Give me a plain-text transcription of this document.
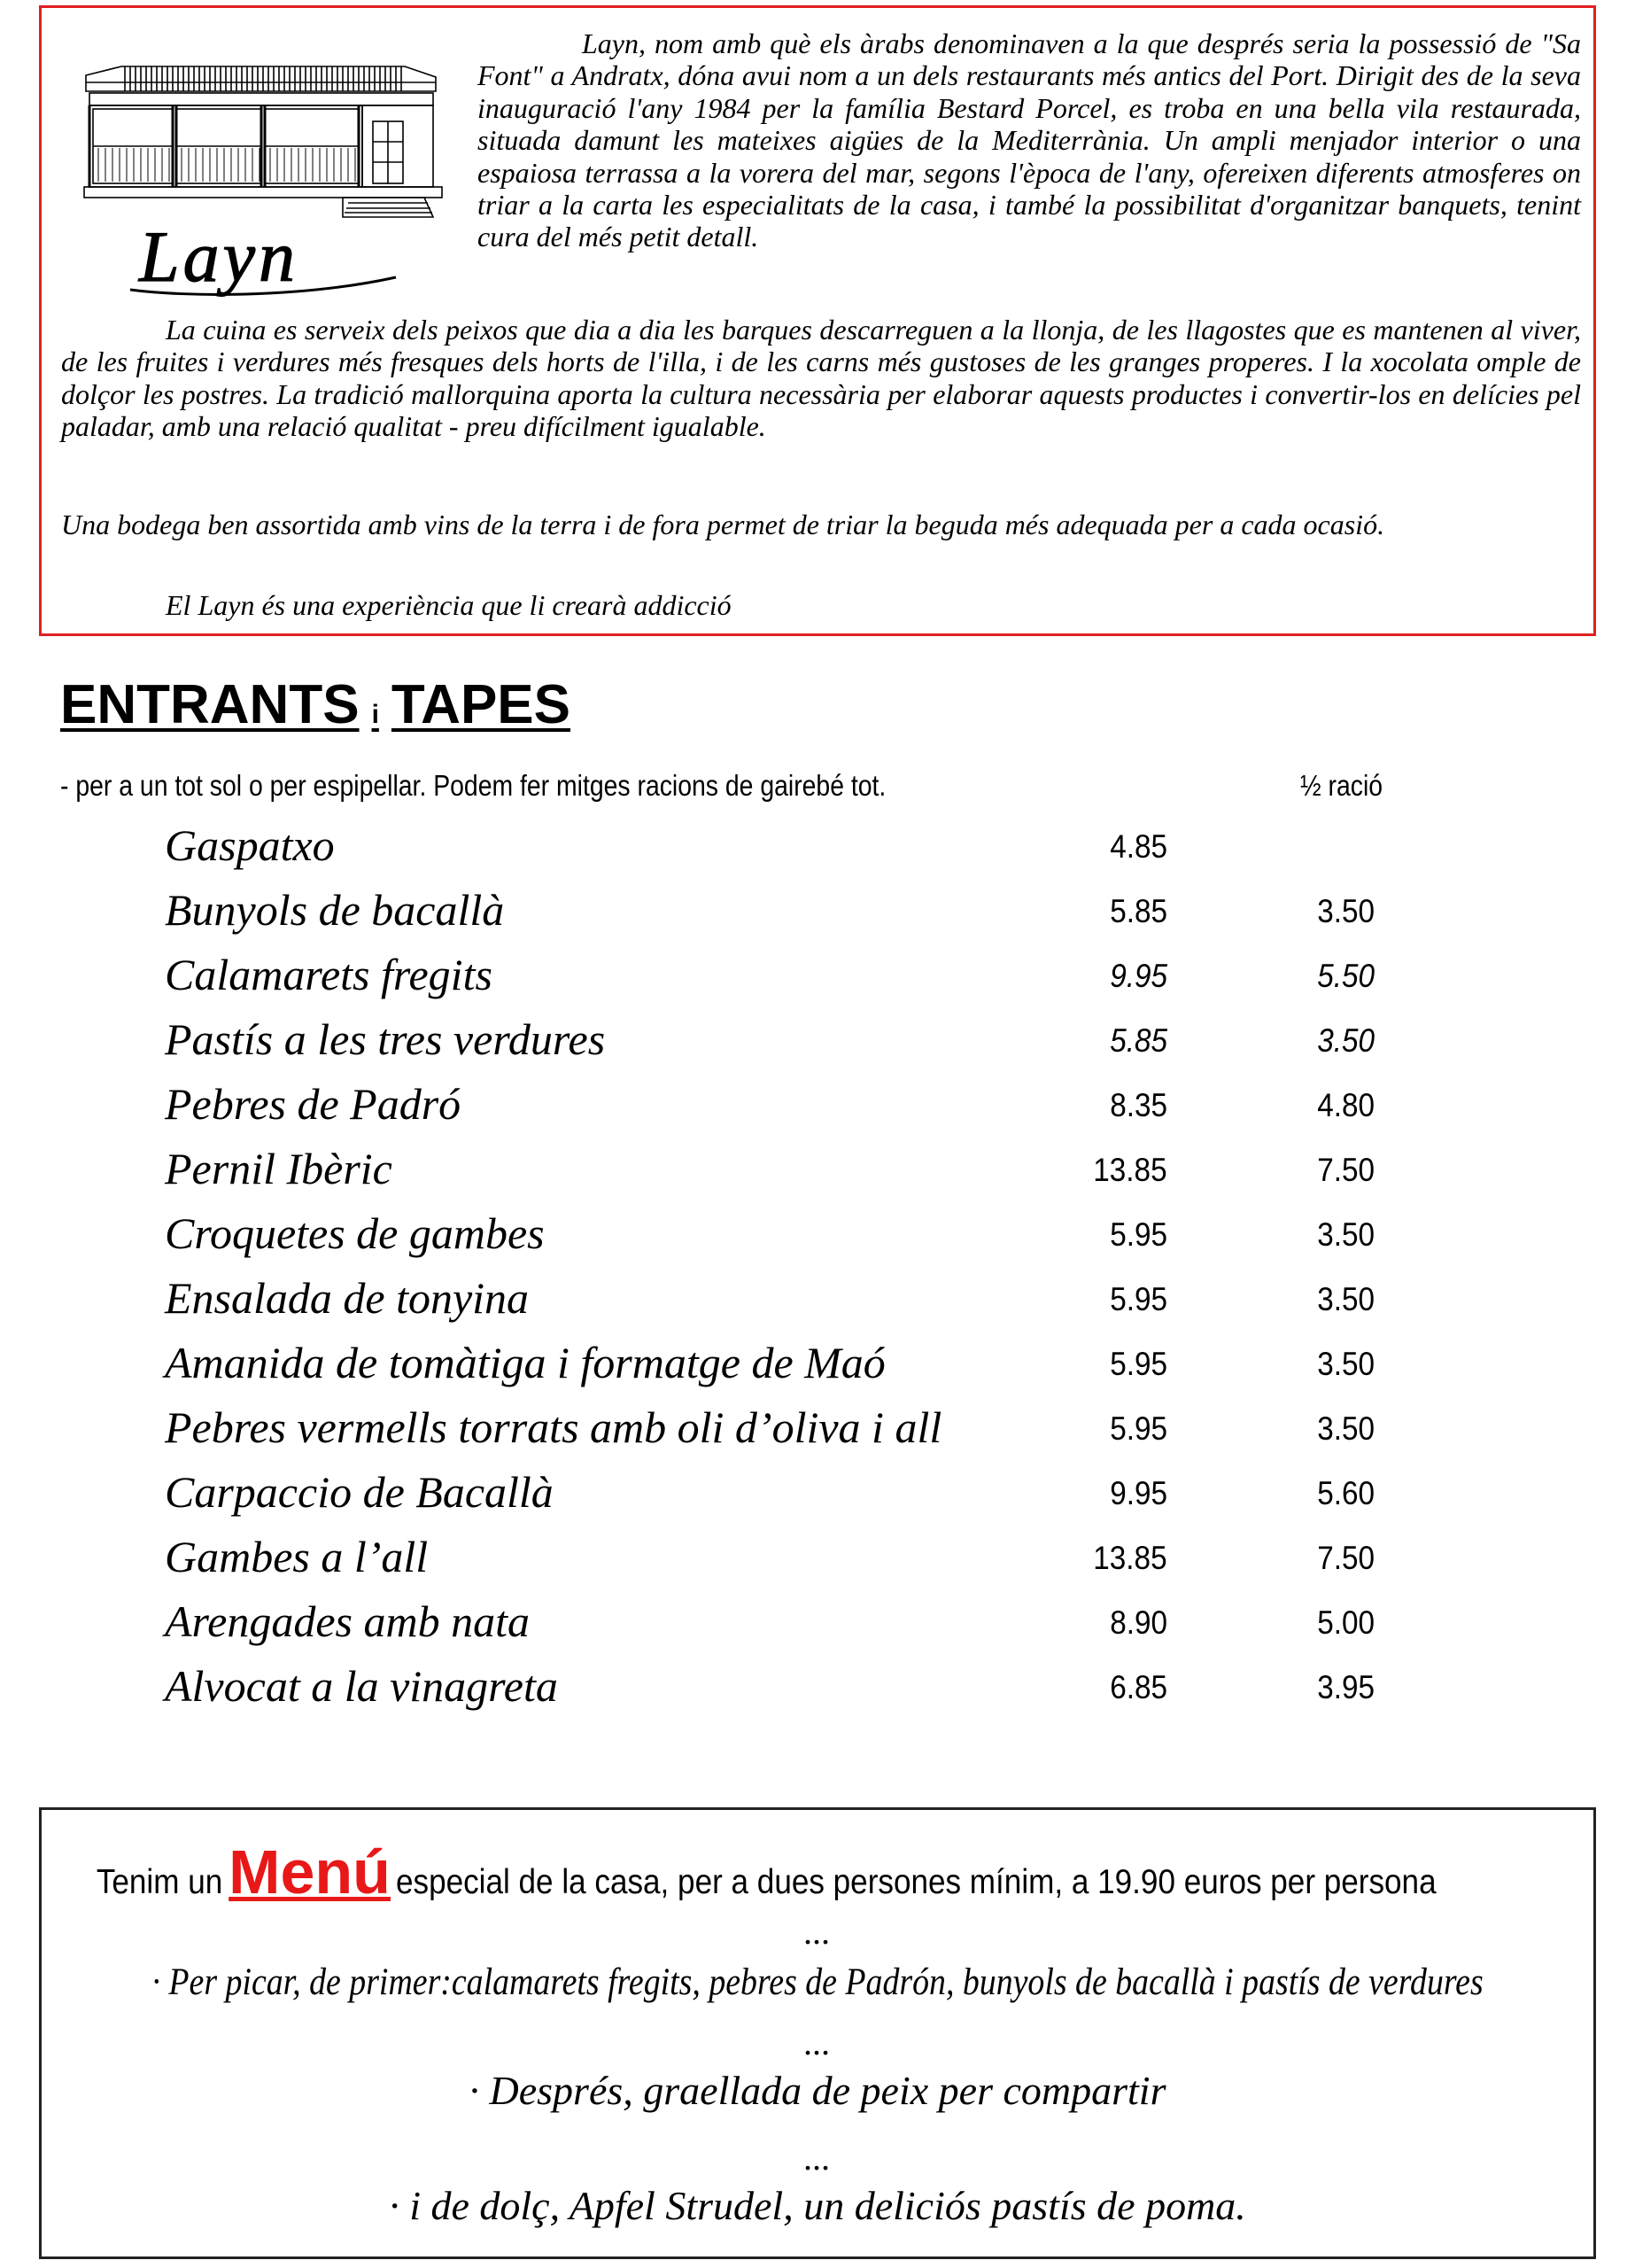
Layn

Layn, nom amb què els àrabs denominaven a la que després seria la possessió de "Sa Font" a Andratx, dóna avui nom a un dels restaurants més antics del Port. Dirigit des de la seva inauguració l'any 1984 per la família Bestard Porcel, es troba en una bella vila restaurada, situada damunt les mateixes aigües de la Mediterrània. Un ampli menjador interior o una espaiosa terrassa a la vorera del mar, segons l'època de l'any, ofereixen diferents atmosferes on triar a la carta les especialitats de la casa, i també la possibilitat d'organitzar banquets, tenint cura del més petit detall.

La cuina es serveix dels peixos que dia a dia les barques descarreguen a la llonja, de les llagostes que es mantenen al viver, de les fruites i verdures més fresques dels horts de l'illa, i de les carns més gustoses de les granges properes. I la xocolata omple de dolçor les postres. La tradició mallorquina aporta la cultura necessària per elaborar aquests productes i convertir-los en delícies pel paladar, amb una relació qualitat - preu difícilment igualable.

Una bodega ben assortida amb vins de la terra i de fora permet de triar la beguda més adequada per a cada ocasió.

El Layn és una experiència que li crearà addicció

ENTRANTS i TAPES
- per a un tot sol o per espipellar. Podem fer mitges racions de gairebé tot.	½ ració
Gaspatxo	4.85
Bunyols de bacallà	5.85	3.50
Calamarets fregits	9.95	5.50
Pastís a les tres verdures	5.85	3.50
Pebres de Padró	8.35	4.80
Pernil Ibèric	13.85	7.50
Croquetes de gambes	5.95	3.50
Ensalada de tonyina	5.95	3.50
Amanida de tomàtiga i formatge de Maó	5.95	3.50
Pebres vermells torrats amb oli d’oliva i all	5.95	3.50
Carpaccio de Bacallà	9.95	5.60
Gambes a l’all	13.85	7.50
Arengades amb nata	8.90	5.00
Alvocat a la vinagreta	6.85	3.95
Tenim un Menú especial de la casa, per a dues persones mínim, a 19.90 euros per persona
...
· Per picar, de primer:calamarets fregits, pebres de Padrón, bunyols de bacallà i pastís de verdures
...
· Després, graellada de peix per compartir
...
· i de dolç, Apfel Strudel, un deliciós pastís de poma.
